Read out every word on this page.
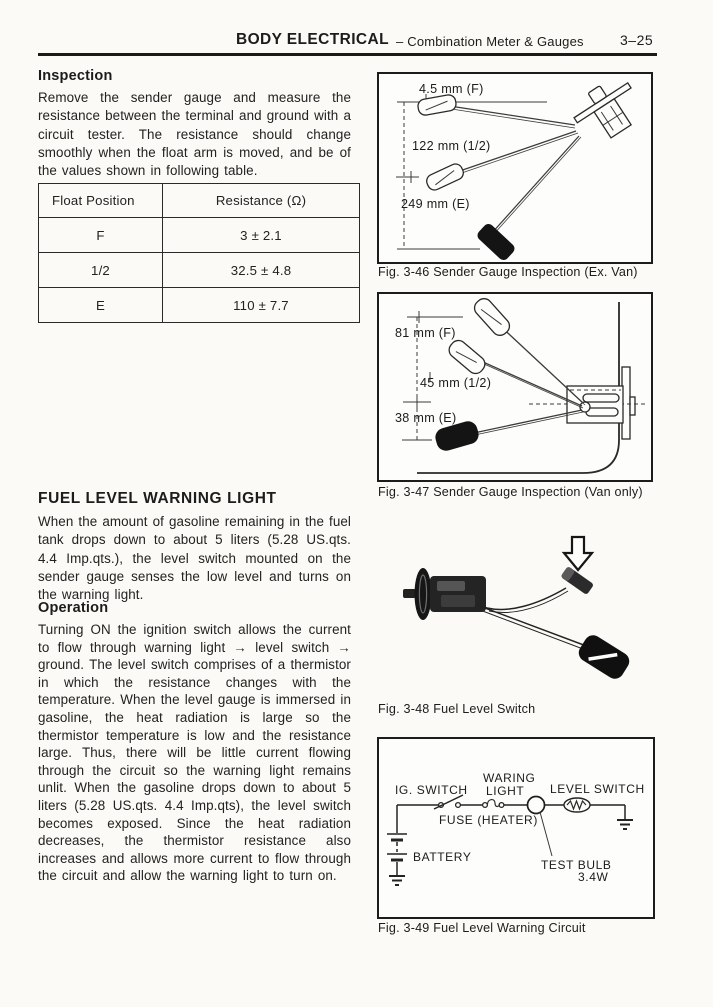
BODY ELECTRICAL – Combination Meter & Gauges	3–25
Inspection
Remove the sender gauge and measure the resistance between the terminal and ground with a circuit tester. The resistance should change smoothly when the float arm is moved, and be of the values shown in following table.
Float Position	Resistance (Ω)
F	3 ± 2.1
1/2	32.5 ± 4.8
E	110 ± 7.7
FUEL LEVEL WARNING LIGHT
When the amount of gasoline remaining in the fuel tank drops down to about 5 liters (5.28 US.qts. 4.4 Imp.qts.), the level switch mounted on the sender gauge senses the low level and turns on the warning light.
Operation
Turning ON the ignition switch allows the current to flow through warning light → level switch → ground. The level switch comprises of a thermistor in which the resistance changes with the temperature. When the level gauge is immersed in gasoline, the heat radiation is large so the thermistor temperature is low and the resistance large. Thus, there will be little current flowing through the circuit so the warning light remains unlit. When the gasoline drops down to about 5 liters (5.28 US.qts. 4.4 Imp.qts), the level switch becomes exposed. Since the heat radiation decreases, the thermistor resistance also increases and allows more current to flow through the circuit and allow the warning light to turn on.
4.5 mm (F)
122 mm (1/2)
249 mm (E)
Fig. 3-46 Sender Gauge Inspection (Ex. Van)
81 mm (F)
45 mm (1/2)
38 mm (E)
Fig. 3-47 Sender Gauge Inspection (Van only)
Fig. 3-48 Fuel Level Switch
IG. SWITCH
WARING
LIGHT LEVEL SWITCH
FUSE (HEATER)
BATTERY
TEST BULB
3.4W
Fig. 3-49 Fuel Level Warning Circuit
